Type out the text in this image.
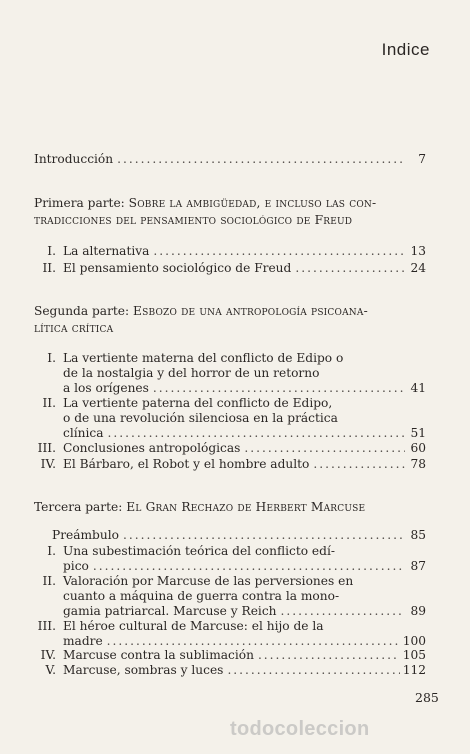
Indice
Introducción .....	7
Primera parte: Sobre la ambigüedad, e incluso las con-
tradicciones del pensamiento sociológico de Freud
I. La alternativa .....	13
II. El pensamiento sociológico de Freud .....	24
Segunda parte: Esbozo de una antropología psicoana-
lítica crítica
I. La vertiente materna del conflicto de Edipo o
de la nostalgia y del horror de un retorno
a los orígenes .....	41
II. La vertiente paterna del conflicto de Edipo,
o de una revolución silenciosa en la práctica
clínica .....	51
III. Conclusiones antropológicas .....	60
IV. El Bárbaro, el Robot y el hombre adulto .....	78
Tercera parte: El Gran Rechazo de Herbert Marcuse
Preámbulo .....	85
I. Una subestimación teórica del conflicto edí-
pico .....	87
II. Valoración por Marcuse de las perversiones en
cuanto a máquina de guerra contra la mono-
gamia patriarcal. Marcuse y Reich .....	89
III. El héroe cultural de Marcuse: el hijo de la
madre .....	100
IV. Marcuse contra la sublimación .....	105
V. Marcuse, sombras y luces .....	112
285
todocoleccion
